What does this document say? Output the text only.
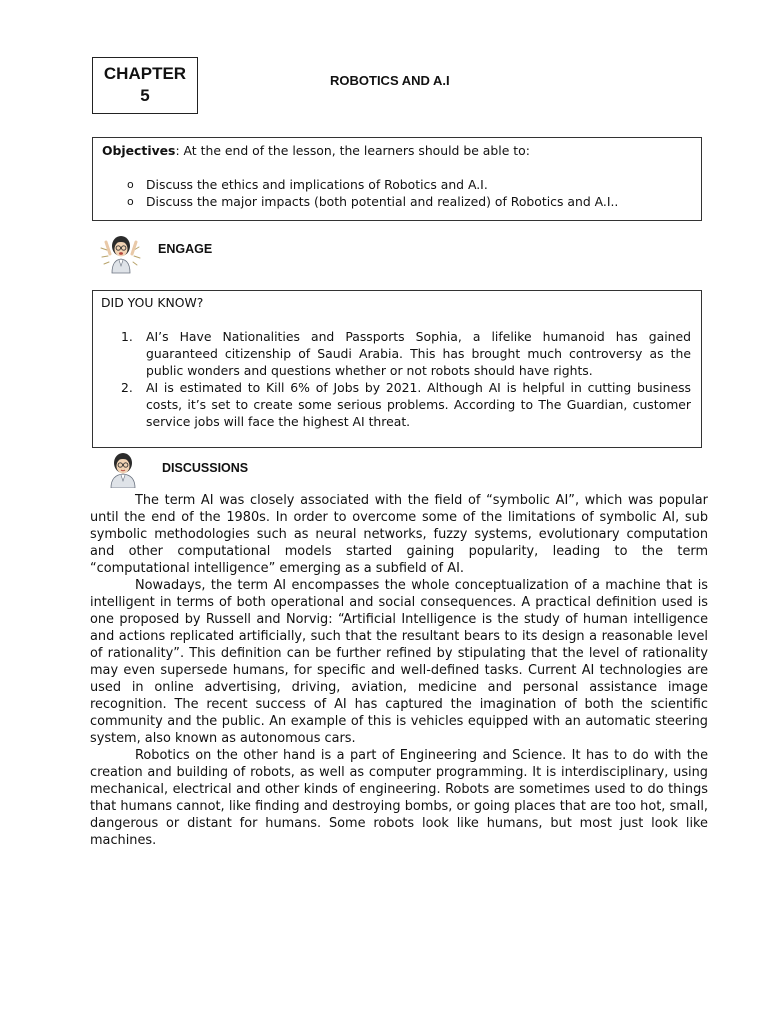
CHAPTER
5
ROBOTICS AND A.I
Objectives: At the end of the lesson, the learners should be able to:
o Discuss the ethics and implications of Robotics and A.I.
o Discuss the major impacts (both potential and realized) of Robotics and A.I..
ENGAGE
DID YOU KNOW?
1. AI’s Have Nationalities and Passports Sophia, a lifelike humanoid has gained guaranteed citizenship of Saudi Arabia. This has brought much controversy as the public wonders and questions whether or not robots should have rights.
2. AI is estimated to Kill 6% of Jobs by 2021. Although AI is helpful in cutting business costs, it’s set to create some serious problems. According to The Guardian, customer service jobs will face the highest AI threat.
DISCUSSIONS

The term AI was closely associated with the field of “symbolic AI”, which was popular until the end of the 1980s. In order to overcome some of the limitations of symbolic AI, sub symbolic methodologies such as neural networks, fuzzy systems, evolutionary computation and other computational models started gaining popularity, leading to the term “computational intelligence” emerging as a subfield of AI.

Nowadays, the term AI encompasses the whole conceptualization of a machine that is intelligent in terms of both operational and social consequences. A practical definition used is one proposed by Russell and Norvig: “Artificial Intelligence is the study of human intelligence and actions replicated artificially, such that the resultant bears to its design a reasonable level of rationality”. This definition can be further refined by stipulating that the level of rationality may even supersede humans, for specific and well-defined tasks. Current AI technologies are used in online advertising, driving, aviation, medicine and personal assistance image recognition. The recent success of AI has captured the imagination of both the scientific community and the public. An example of this is vehicles equipped with an automatic steering system, also known as autonomous cars.

Robotics on the other hand is a part of Engineering and Science. It has to do with the creation and building of robots, as well as computer programming. It is interdisciplinary, using mechanical, electrical and other kinds of engineering. Robots are sometimes used to do things that humans cannot, like finding and destroying bombs, or going places that are too hot, small, dangerous or distant for humans. Some robots look like humans, but most just look like machines.
